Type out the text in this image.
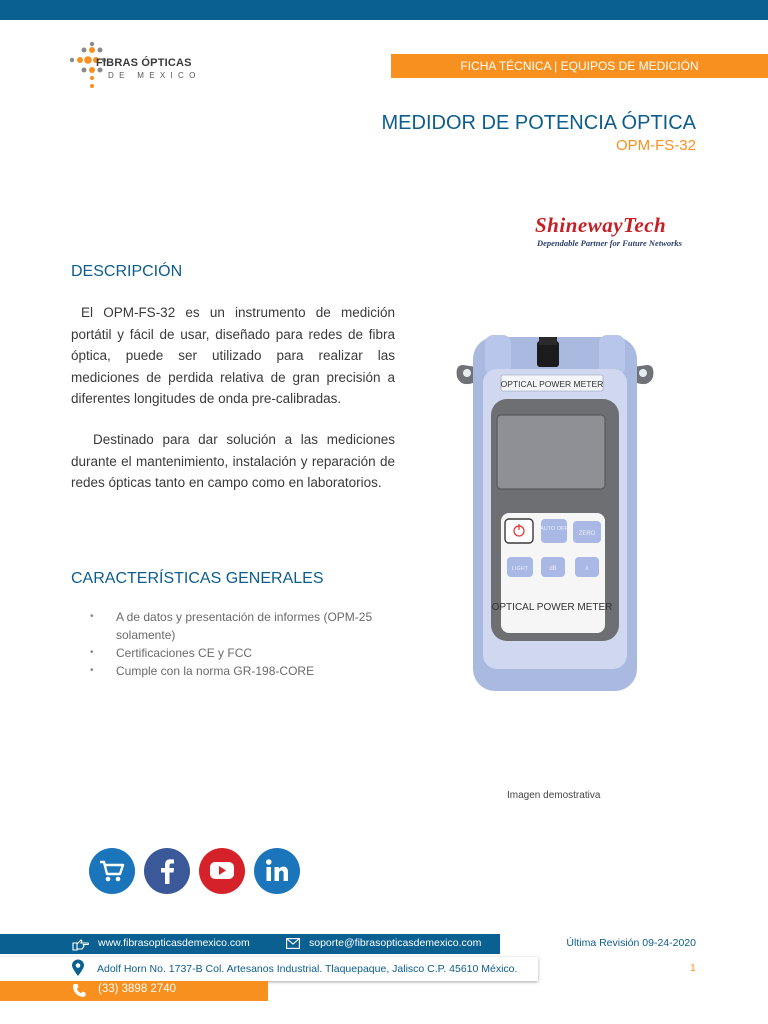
FIBRAS ÓPTICAS
DE MEXICO
FICHA TÉCNICA | EQUIPOS DE MEDICIÓN
MEDIDOR DE POTENCIA ÓPTICA
OPM-FS-32
ShinewayTech
Dependable Partner for Future Networks
DESCRIPCIÓN
El OPM-FS-32 es un instrumento de medición portátil y fácil de usar, diseñado para redes de fibra óptica, puede ser utilizado para realizar las mediciones de perdida relativa de gran precisión a diferentes longitudes de onda pre-calibradas.
Destinado para dar solución a las mediciones durante el mantenimiento, instalación y reparación de redes ópticas tanto en campo como en laboratorios.
CARACTERÍSTICAS GENERALES
• A de datos y presentación de informes (OPM-25 solamente)
• Certificaciones CE y FCC
• Cumple con la norma GR-198-CORE
OPTICAL POWER METER
AUTO OFF
ZERO
LIGHT	dB	λ
OPTICAL POWER METER
Imagen demostrativa
www.fibrasopticasdemexico.com	soporte@fibrasopticasdemexico.com
Adolf Horn No. 1737-B Col. Artesanos Industrial. Tlaquepaque, Jalisco C.P. 45610 México.
(33) 3898 2740
Última Revisión 09-24-2020
1
